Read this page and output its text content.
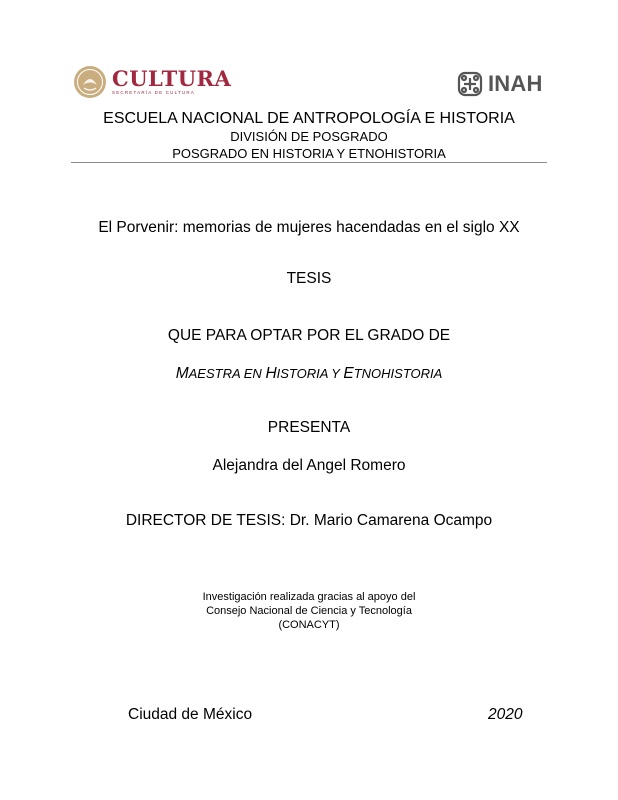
CULTURA
SECRETARÍA DE CULTURA	INAH
ESCUELA NACIONAL DE ANTROPOLOGÍA E HISTORIA
DIVISIÓN DE POSGRADO
POSGRADO EN HISTORIA Y ETNOHISTORIA
El Porvenir: memorias de mujeres hacendadas en el siglo XX
TESIS
QUE PARA OPTAR POR EL GRADO DE
MAESTRA EN HISTORIA Y ETNOHISTORIA
PRESENTA
Alejandra del Angel Romero
DIRECTOR DE TESIS: Dr. Mario Camarena Ocampo
Investigación realizada gracias al apoyo del
Consejo Nacional de Ciencia y Tecnología
(CONACYT)
Ciudad de México	2020
